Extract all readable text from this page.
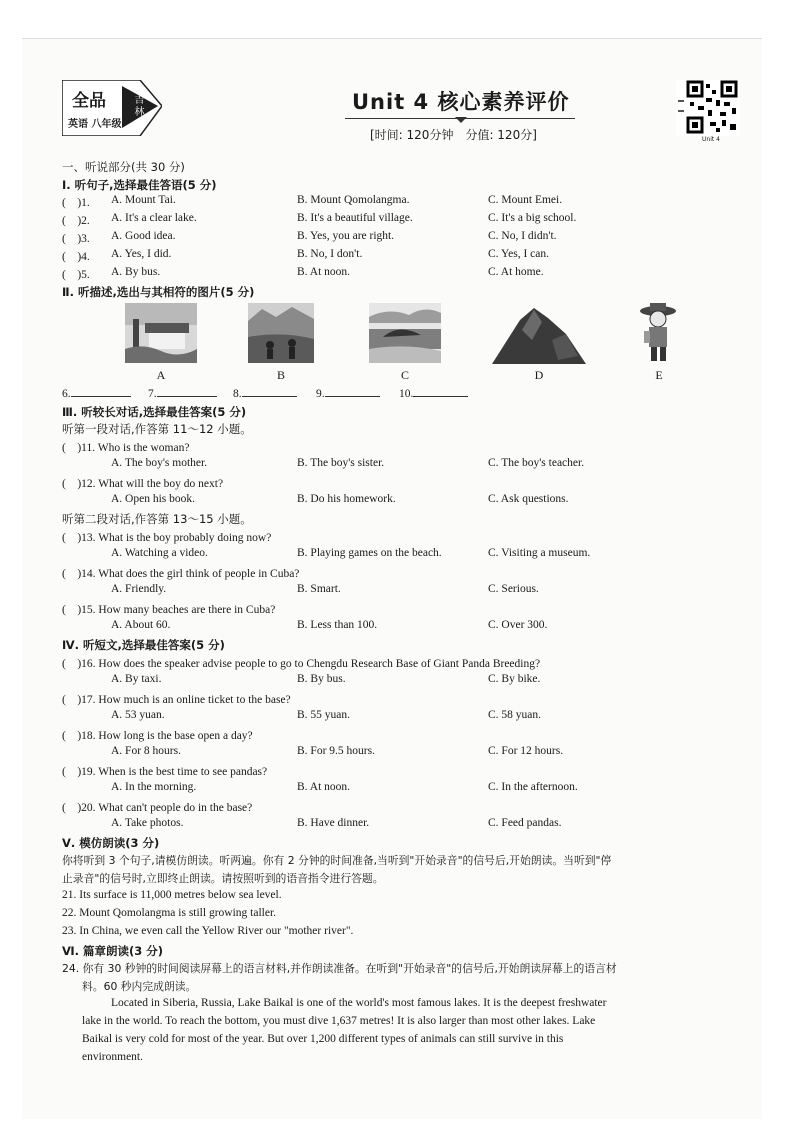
全品	吉林
英语 八年级
Unit 4 核心素养评价
[时间: 120分钟　分值: 120分]	Unit 4
一、听说部分(共 30 分)
Ⅰ. 听句子,选择最佳答语(5 分)
(　)1. A. Mount Tai.	B. Mount Qomolangma.	C. Mount Emei.
(　)2. A. It's a clear lake.	B. It's a beautiful village.	C. It's a big school.
(　)3. A. Good idea.	B. Yes, you are right.	C. No, I didn't.
(　)4. A. Yes, I did.	B. No, I don't.	C. Yes, I can.
(　)5. A. By bus.	B. At noon.	C. At home.
Ⅱ. 听描述,选出与其相符的图片(5 分)
A	B	C	D	E
6.	7.	8.	9.	10.
Ⅲ. 听较长对话,选择最佳答案(5 分)
听第一段对话,作答第 11～12 小题。
(　)11. Who is the woman?
A. The boy's mother.	B. The boy's sister.	C. The boy's teacher.
(　)12. What will the boy do next?
A. Open his book.	B. Do his homework.	C. Ask questions.
听第二段对话,作答第 13～15 小题。
(　)13. What is the boy probably doing now?
A. Watching a video.	B. Playing games on the beach.	C. Visiting a museum.
(　)14. What does the girl think of people in Cuba?
A. Friendly.	B. Smart.	C. Serious.
(　)15. How many beaches are there in Cuba?
A. About 60.	B. Less than 100.	C. Over 300.
Ⅳ. 听短文,选择最佳答案(5 分)
(　)16. How does the speaker advise people to go to Chengdu Research Base of Giant Panda Breeding?
A. By taxi.	B. By bus.	C. By bike.
(　)17. How much is an online ticket to the base?
A. 53 yuan.	B. 55 yuan.	C. 58 yuan.
(　)18. How long is the base open a day?
A. For 8 hours.	B. For 9.5 hours.	C. For 12 hours.
(　)19. When is the best time to see pandas?
A. In the morning.	B. At noon.	C. In the afternoon.
(　)20. What can't people do in the base?
A. Take photos.	B. Have dinner.	C. Feed pandas.
Ⅴ. 模仿朗读(3 分)
你将听到 3 个句子,请模仿朗读。听两遍。你有 2 分钟的时间准备,当听到"开始录音"的信号后,开始朗读。当听到"停
止录音"的信号时,立即终止朗读。请按照听到的语音指令进行答题。
21. Its surface is 11,000 metres below sea level.
22. Mount Qomolangma is still growing taller.
23. In China, we even call the Yellow River our "mother river".
Ⅵ. 篇章朗读(3 分)
24. 你有 30 秒钟的时间阅读屏幕上的语言材料,并作朗读准备。在听到"开始录音"的信号后,开始朗读屏幕上的语言材
料。60 秒内完成朗读。
Located in Siberia, Russia, Lake Baikal is one of the world's most famous lakes. It is the deepest freshwater
lake in the world. To reach the bottom, you must dive 1,637 metres! It is also larger than most other lakes. Lake
Baikal is very cold for most of the year. But over 1,200 different types of animals can still survive in this
environment.
